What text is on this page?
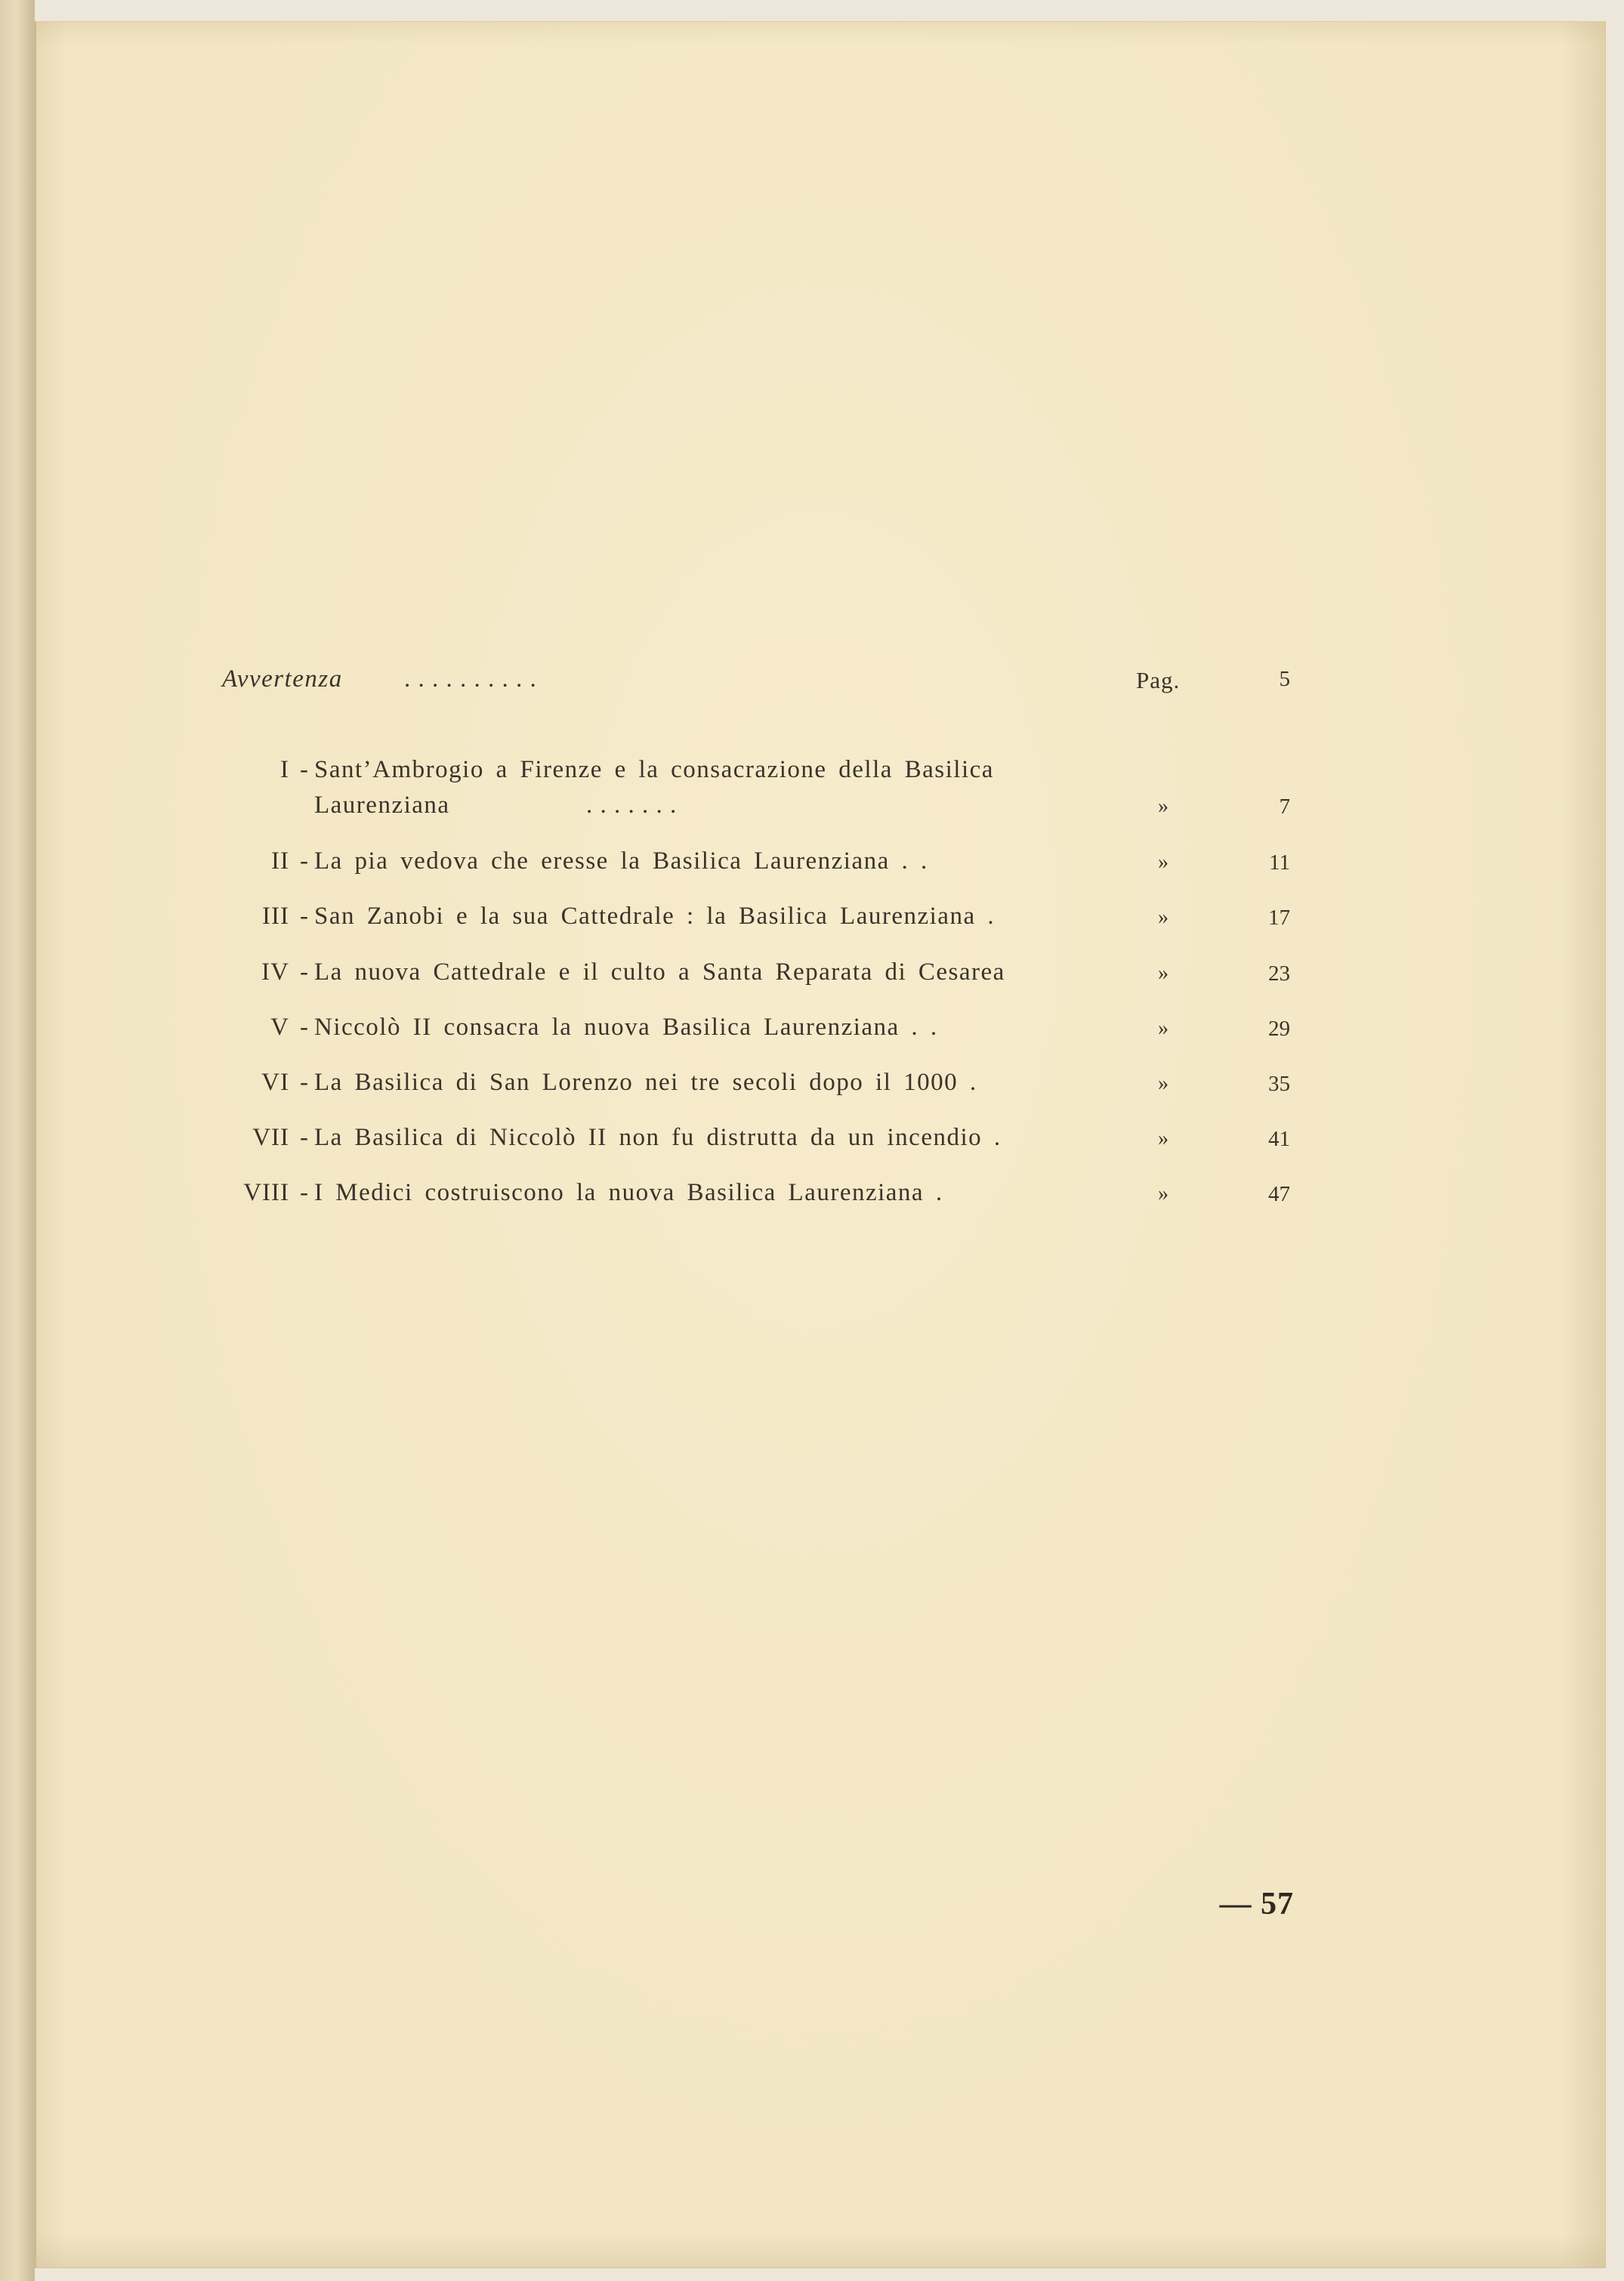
Avvertenza . . . . . . . . . .	Pag.	5
I - Sant’Ambrogio a Firenze e la consacrazione della Basilica
Laurenziana	. . . . . . .	»	7
II - La pia vedova che eresse la Basilica Laurenziana . .	»	11
III - San Zanobi e la sua Cattedrale : la Basilica Laurenziana .	»	17
IV - La nuova Cattedrale e il culto a Santa Reparata di Cesarea	»	23
V - Niccolò II consacra la nuova Basilica Laurenziana . .	»	29
VI - La Basilica di San Lorenzo nei tre secoli dopo il 1000 .	»	35
VII - La Basilica di Niccolò II non fu distrutta da un incendio .	»	41
VIII - I Medici costruiscono la nuova Basilica Laurenziana .	»	47
— 57
